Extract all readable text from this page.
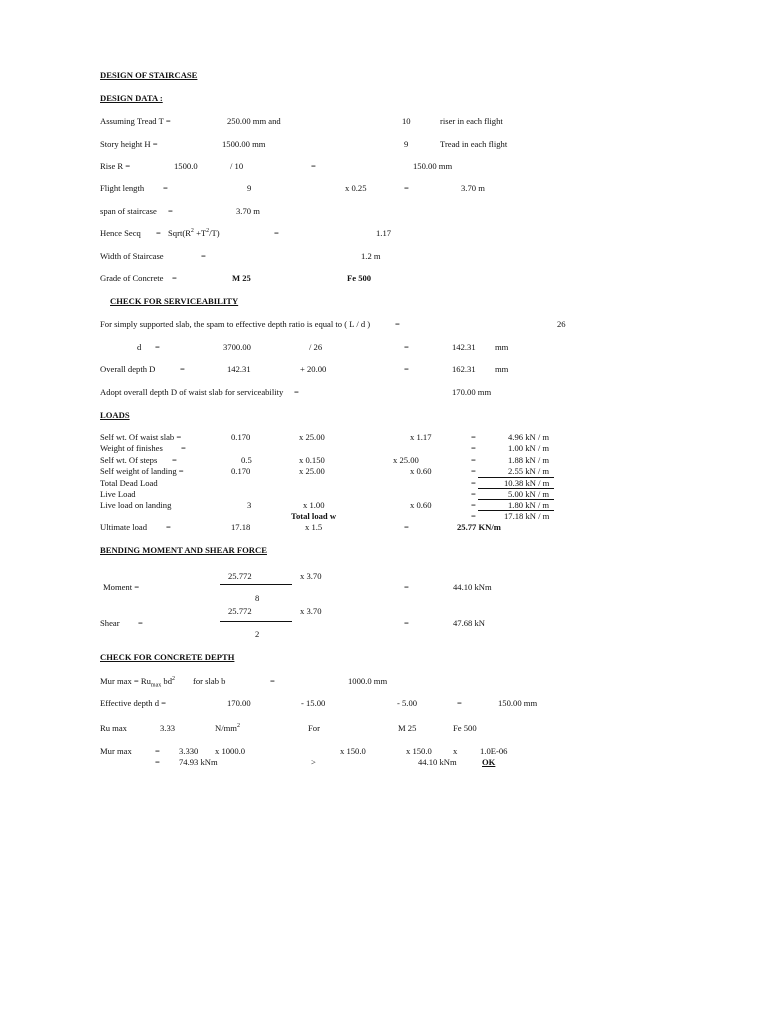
DESIGN OF STAIRCASE
DESIGN DATA :
Assuming Tread T =	250.00 mm and	10	riser in each flight
Story height H =	1500.00 mm	9	Tread in each flight
Rise R =	1500.0	/ 10	=	150.00 mm
Flight length =	9	x 0.25	=	3.70 m
span of staircase =	3.70 m
Hence Secq = $Sqrt(R^2 +T^2/T)$	=	1.17
Width of Staircase	=	1.2 m
Grade of Concrete =	M 25	Fe 500
CHECK FOR SERVICEABILITY
For simply supported slab, the spam to effective depth ratio is equal to ( L / d )	=	26
d =	3700.00	/ 26	=	142.31 mm
Overall depth D	=	142.31	+ 20.00	=	162.31 mm
Adopt overall depth D of waist slab for serviceability =	170.00 mm
LOADS
Self wt. Of waist slab =	0.170	x 25.00	x 1.17	=	4.96 kN / m
Weight of finishes =	=	1.00 kN / m
Self wt. Of steps =	0.5	x 0.150	x 25.00	=	1.88 kN / m
Self weight of landing =	0.170	x 25.00	x 0.60	=	2.55 kN / m
Total Dead Load	=	10.38 kN / m
Live Load	=	5.00 kN / m
Live load on landing	3	x 1.00	x 0.60	=	1.80 kN / m
Total load w	=	17.18 kN / m
Ultimate load =	17.18	x 1.5	=	25.77 KN/m
BENDING MOMENT AND SHEAR FORCE
25.772	x 3.70
Moment =	=	44.10 kNm
8
25.772	x 3.70
Shear =	=	47.68 kN
2
CHECK FOR CONCRETE DEPTH
Mur $\max = Ru_{max}$ $bd^2$ for slab b	=	1000.0 mm
Effective depth d =	170.00	- 15.00	- 5.00	=	150.00 mm
Ru max	3.33	$N/mm^2$	For	M 25	Fe 500
Mur max	= 3.330 x 1000.0	x 150.0	x 150.0 x	1.0E-06
= 74.93 kNm	>	44.10 kNm	OK
